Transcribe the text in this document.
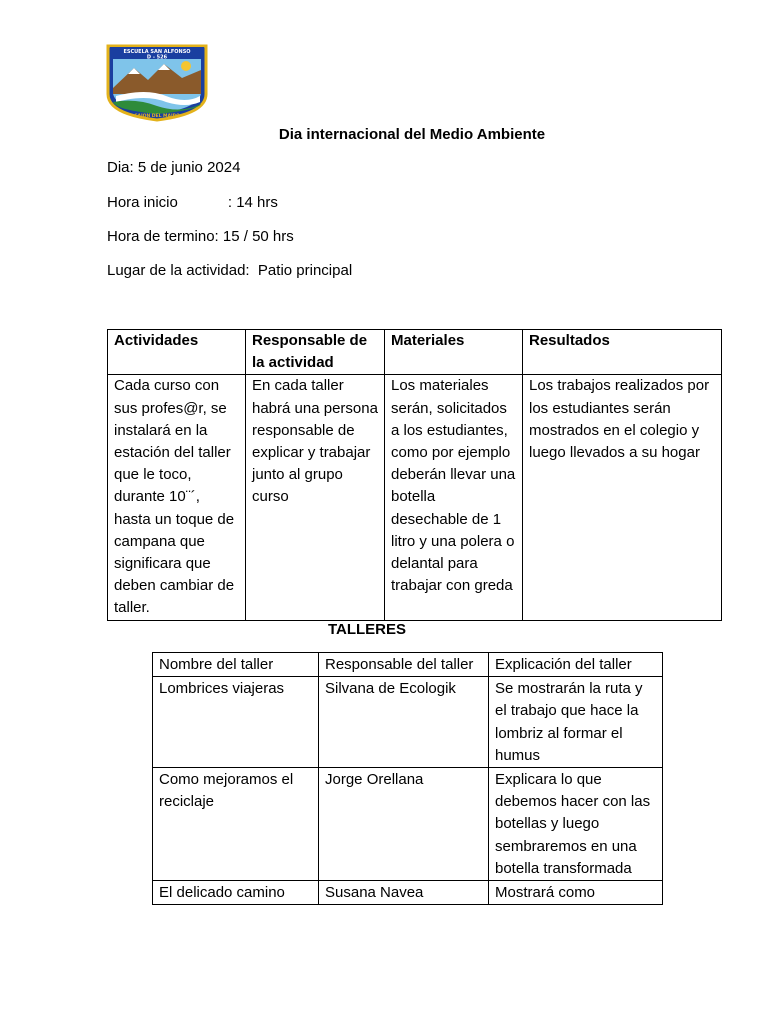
ESCUELA SAN ALFONSO
D - 526
CAJON DEL MAIPO
Dia internacional del Medio Ambiente
Dia: 5 de junio 2024
Hora inicio            : 14 hrs
Hora de termino: 15 / 50 hrs
Lugar de la actividad:  Patio principal
Actividades	Responsable de la actividad	Materiales	Resultados
Cada curso con sus profes@r, se instalará en la estación del taller que le toco, durante 10¨´, hasta un toque de campana que significara que deben cambiar de taller.	En cada taller habrá una persona responsable de explicar y trabajar junto al grupo curso	Los materiales serán, solicitados a los estudiantes, como por ejemplo deberán llevar una botella desechable de 1 litro y una polera o delantal para trabajar con greda	Los trabajos realizados por los estudiantes serán mostrados en el colegio y luego llevados a su hogar
TALLERES
Nombre del taller	Responsable del taller	Explicación del taller
Lombrices viajeras	Silvana de Ecologik	Se mostrarán la ruta y el trabajo que hace la lombriz al formar el humus
Como mejoramos el reciclaje	Jorge Orellana	Explicara lo que debemos hacer con las botellas y luego sembraremos en una botella transformada
El delicado camino	Susana Navea	Mostrará como
